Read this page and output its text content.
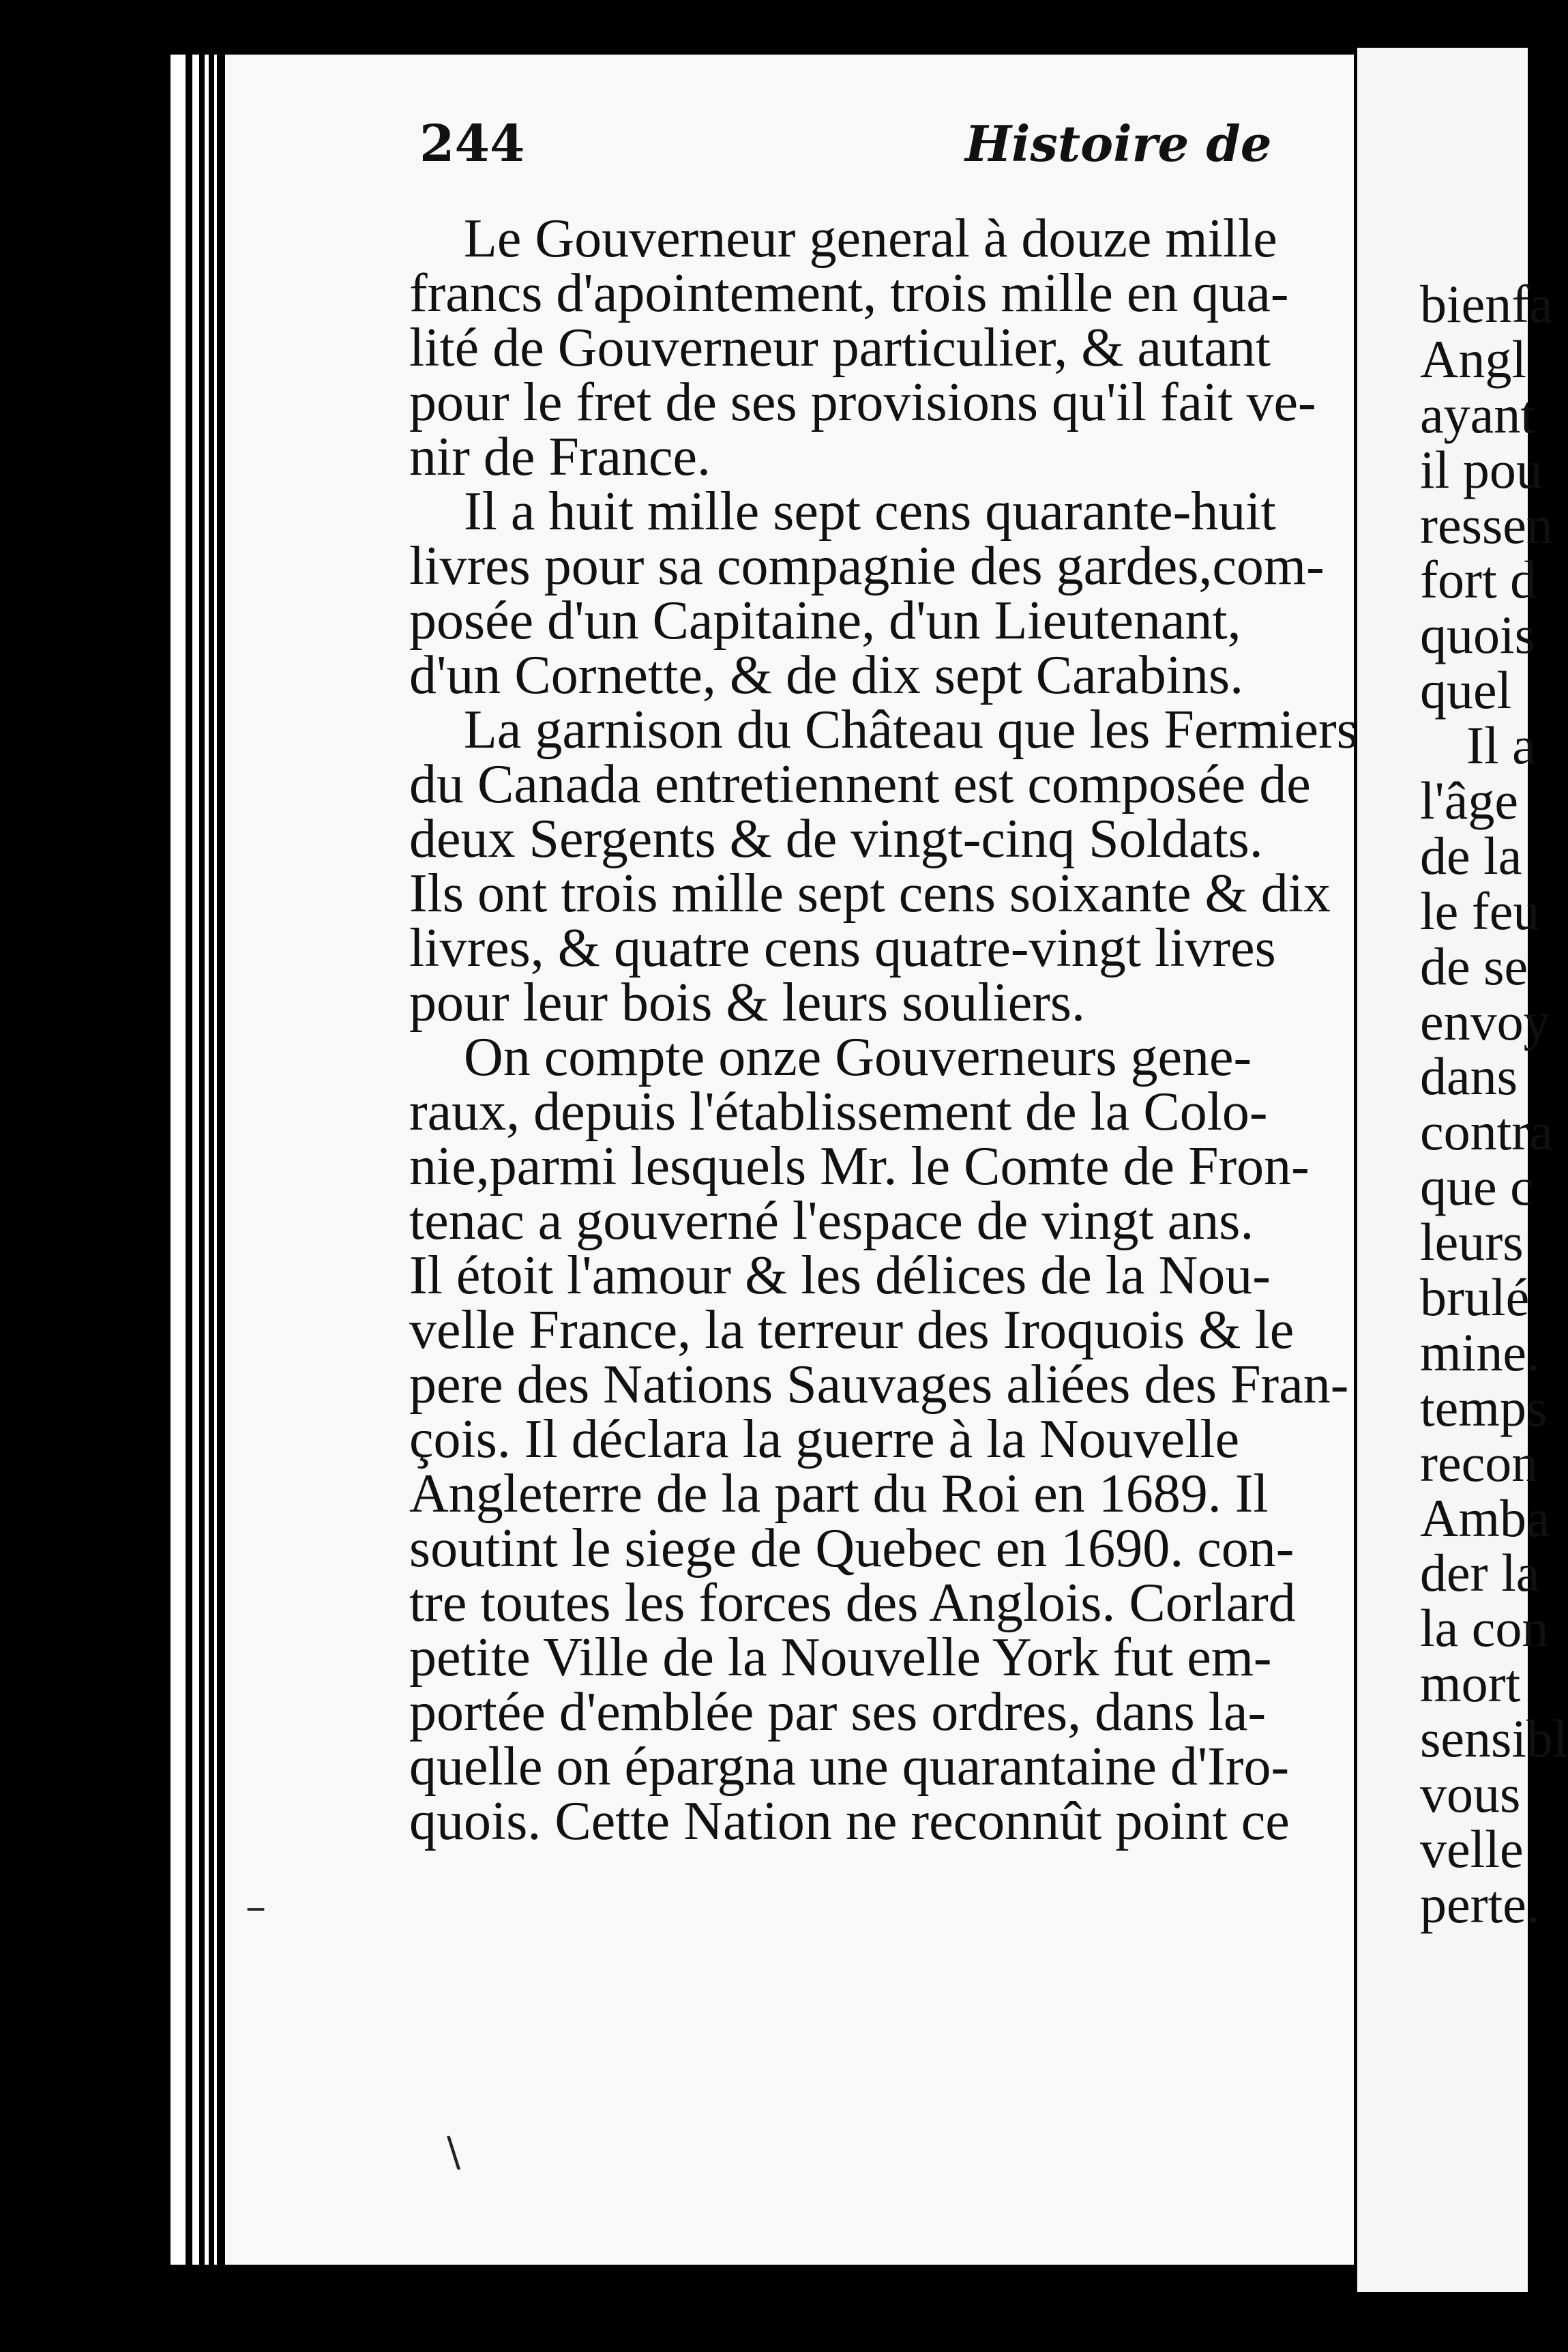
bienfa
Angl
ayant
il pou
ressen
fort d
quois
quel
Il a
l'âge
de la
le feu
de se
envoy
dans
contra
que c
leurs
brulé
mine.
temps
recon
Amba
der la
la con
mort
sensibl
vous
velle
perte.
244	Histoire de
Le Gouverneur general à douze mille
francs d'apointement, trois mille en qua-
lité de Gouverneur particulier, & autant
pour le fret de ses provisions qu'il fait ve-
nir de France.
Il a huit mille sept cens quarante-huit
livres pour sa compagnie des gardes,com-
posée d'un Capitaine, d'un Lieutenant,
d'un Cornette, & de dix sept Carabins.
La garnison du Château que les Fermiers
du Canada entretiennent est composée de
deux Sergents & de vingt-cinq Soldats.
Ils ont trois mille sept cens soixante & dix
livres, & quatre cens quatre-vingt livres
pour leur bois & leurs souliers.
On compte onze Gouverneurs gene-
raux, depuis l'établissement de la Colo-
nie,parmi lesquels Mr. le Comte de Fron-
tenac a gouverné l'espace de vingt ans.
Il étoit l'amour & les délices de la Nou-
velle France, la terreur des Iroquois & le
pere des Nations Sauvages aliées des Fran-
çois. Il déclara la guerre à la Nouvelle
Angleterre de la part du Roi en 1689. Il
soutint le siege de Quebec en 1690. con-
tre toutes les forces des Anglois. Corlard
petite Ville de la Nouvelle York fut em-
portée d'emblée par ses ordres, dans la-
quelle on épargna une quarantaine d'Iro-
quois. Cette Nation ne reconnût point ce
–
\
